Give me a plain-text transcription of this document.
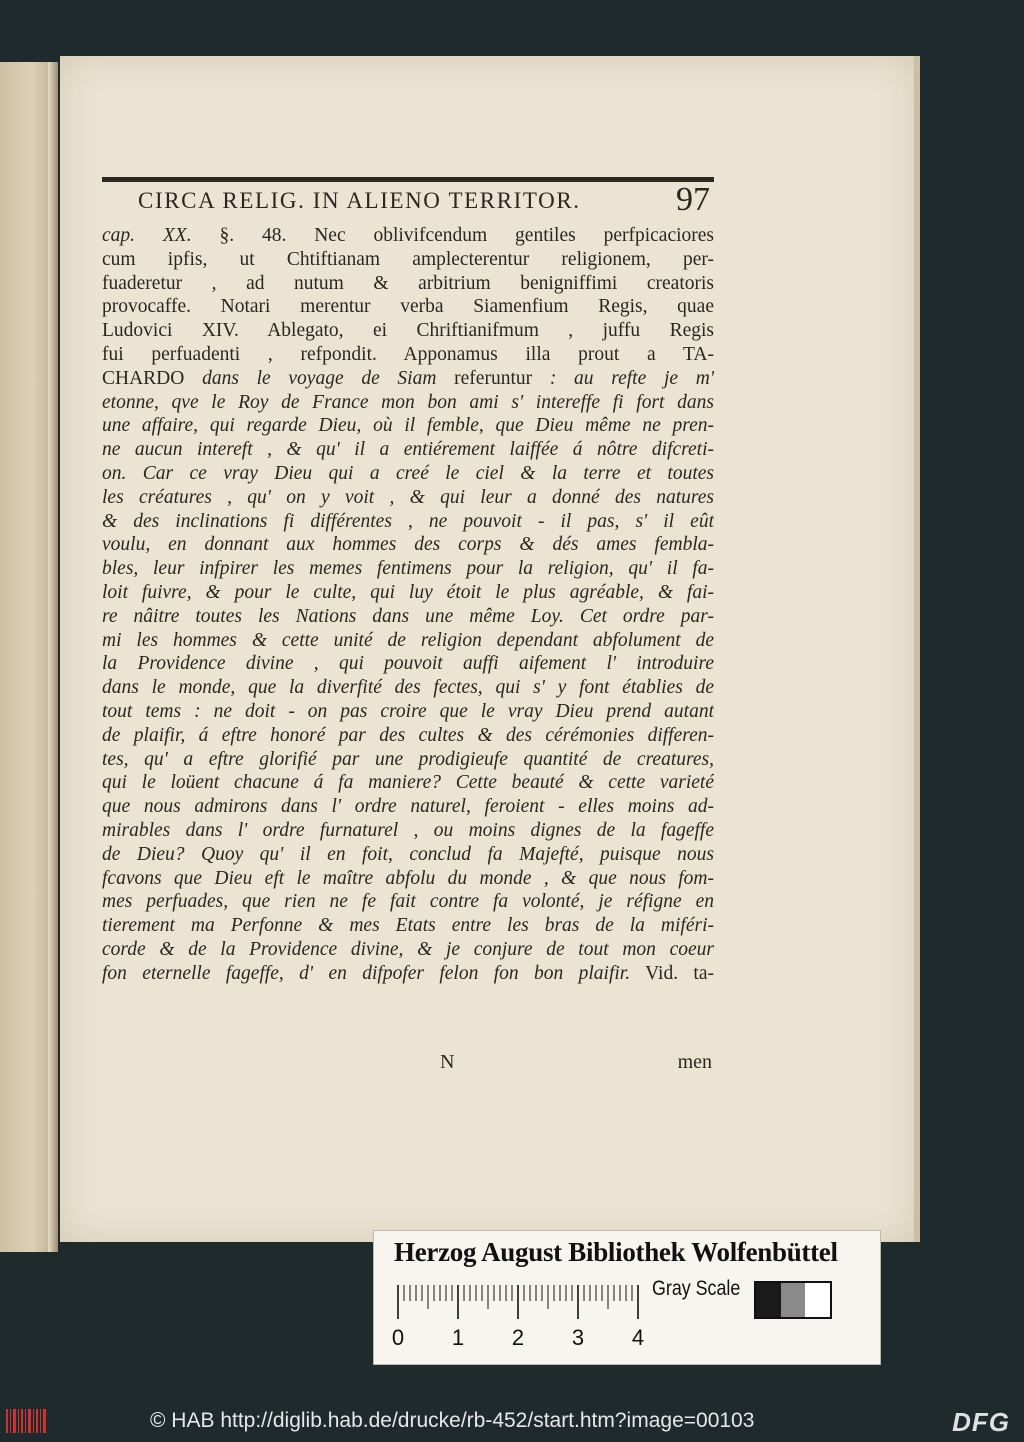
CIRCA RELIG. IN ALIENO TERRITOR.	97
cap. XX. §. 48. Nec oblivifcendum gentiles perfpicaciores
cum ipfis, ut Chtiftianam amplecterentur religionem, per-
fuaderetur , ad nutum & arbitrium benigniffimi creatoris
provocaffe. Notari merentur verba Siamenfium Regis, quae
Ludovici XIV. Ablegato, ei Chriftianifmum , juffu Regis
fui perfuadenti , refpondit. Apponamus illa prout a TA-
CHARDO dans le voyage de Siam referuntur : au refte je m'
etonne, qve le Roy de France mon bon ami s' intereffe fi fort dans
une affaire, qui regarde Dieu, où il femble, que Dieu même ne pren-
ne aucun intereft , & qu' il a entiérement laiffée á nôtre difcreti-
on. Car ce vray Dieu qui a creé le ciel & la terre et toutes
les créatures , qu' on y voit , & qui leur a donné des natures
& des inclinations fi différentes , ne pouvoit - il pas, s' il eût
voulu, en donnant aux hommes des corps & dés ames fembla-
bles, leur infpirer les memes fentimens pour la religion, qu' il fa-
loit fuivre, & pour le culte, qui luy étoit le plus agréable, & fai-
re nâitre toutes les Nations dans une même Loy. Cet ordre par-
mi les hommes & cette unité de religion dependant abfolument de
la Providence divine , qui pouvoit auffi aifement l' introduire
dans le monde, que la diverfité des fectes, qui s' y font établies de
tout tems : ne doit - on pas croire que le vray Dieu prend autant
de plaifir, á eftre honoré par des cultes & des cérémonies differen-
tes, qu' a eftre glorifié par une prodigieufe quantité de creatures,
qui le loüent chacune á fa maniere? Cette beauté & cette varieté
que nous admirons dans l' ordre naturel, feroient - elles moins ad-
mirables dans l' ordre furnaturel , ou moins dignes de la fageffe
de Dieu? Quoy qu' il en foit, conclud fa Majefté, puisque nous
fcavons que Dieu eft le maître abfolu du monde , & que nous fom-
mes perfuades, que rien ne fe fait contre fa volonté, je réfigne en
tierement ma Perfonne & mes Etats entre les bras de la miféri-
corde & de la Providence divine, & je conjure de tout mon coeur
fon eternelle fageffe, d' en difpofer felon fon bon plaifir. Vid. ta-
N	men
Herzog August Bibliothek Wolfenbüttel
0 1 2 3 4
Gray Scale
© HAB http://diglib.hab.de/drucke/rb-452/start.htm?image=00103	DFG
